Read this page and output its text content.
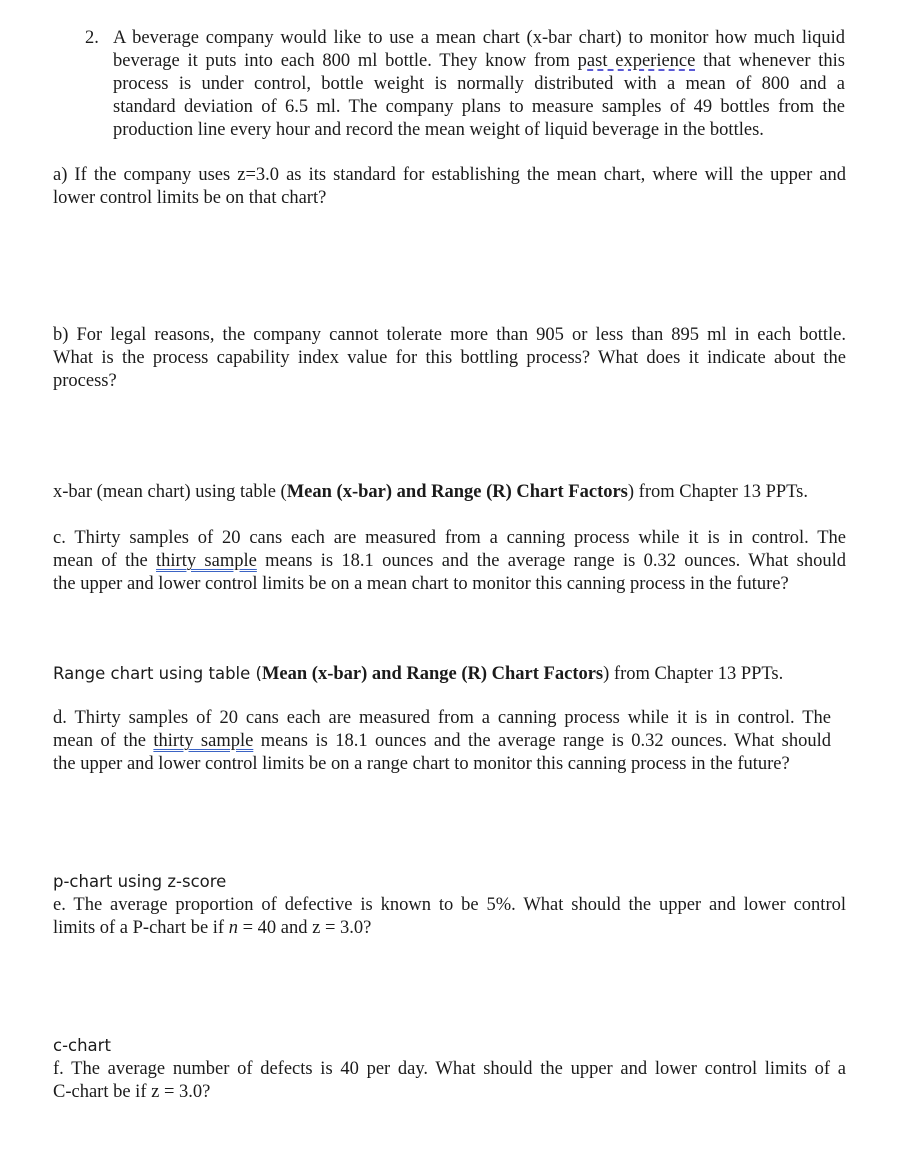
2. A beverage company would like to use a mean chart (x-bar chart) to monitor how much liquid
beverage it puts into each 800 ml bottle. They know from past experience that whenever this
process is under control, bottle weight is normally distributed with a mean of 800 and a
standard deviation of 6.5 ml. The company plans to measure samples of 49 bottles from the
production line every hour and record the mean weight of liquid beverage in the bottles.
a) If the company uses z=3.0 as its standard for establishing the mean chart, where will the upper and
lower control limits be on that chart?
b) For legal reasons, the company cannot tolerate more than 905 or less than 895 ml in each bottle.
What is the process capability index value for this bottling process? What does it indicate about the
process?
x-bar (mean chart) using table (Mean (x-bar) and Range (R) Chart Factors) from Chapter 13 PPTs.
c. Thirty samples of 20 cans each are measured from a canning process while it is in control. The
mean of the thirty sample means is 18.1 ounces and the average range is 0.32 ounces. What should
the upper and lower control limits be on a mean chart to monitor this canning process in the future?
Range chart using table (Mean (x-bar) and Range (R) Chart Factors) from Chapter 13 PPTs.
d. Thirty samples of 20 cans each are measured from a canning process while it is in control. The
mean of the thirty sample means is 18.1 ounces and the average range is 0.32 ounces. What should
the upper and lower control limits be on a range chart to monitor this canning process in the future?
p-chart using z-score
e. The average proportion of defective is known to be 5%. What should the upper and lower control
limits of a P-chart be if n = 40 and z = 3.0?
c-chart
f. The average number of defects is 40 per day. What should the upper and lower control limits of a
C-chart be if z = 3.0?
